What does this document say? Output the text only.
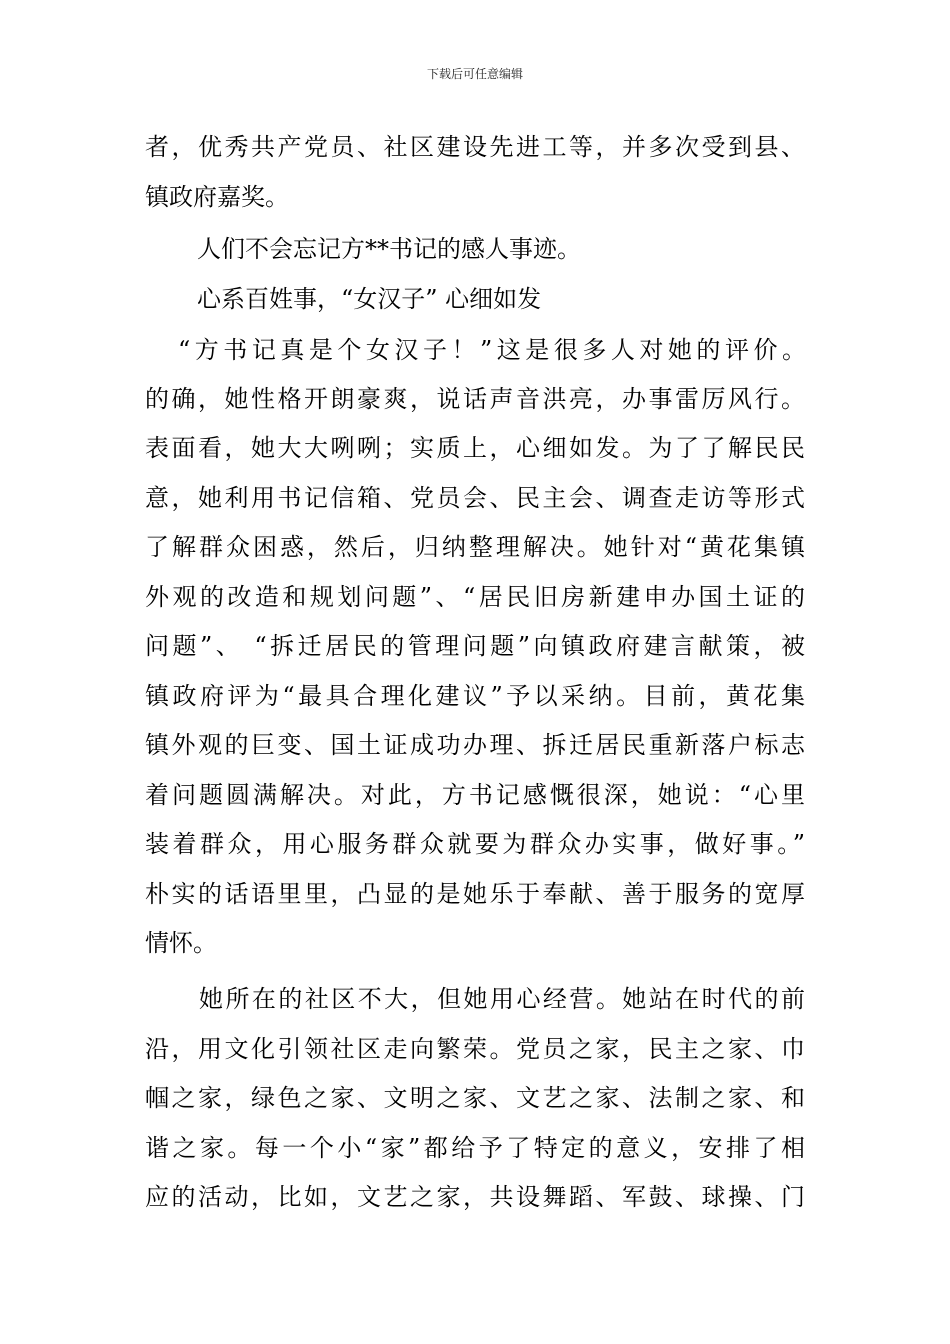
下载后可任意编辑
者，优秀共产党员、社区建设先进工等，并多次受到县、
镇政府嘉奖。
人们不会忘记方**书记的感人事迹。
心系百姓事，“女汉子” 心细如发
“方书记真是个女汉子！”这是很多人对她的评价。
的确，她性格开朗豪爽，说话声音洪亮，办事雷厉风行。
表面看，她大大咧咧；实质上，心细如发。为了了解民民
意，她利用书记信箱、党员会、民主会、调查走访等形式
了解群众困惑，然后，归纳整理解决。她针对“黄花集镇
外观的改造和规划问题”、“居民旧房新建申办国土证的
问题”、 “拆迁居民的管理问题”向镇政府建言献策，被
镇政府评为“最具合理化建议”予以采纳。目前，黄花集
镇外观的巨变、国土证成功办理、拆迁居民重新落户标志
着问题圆满解决。对此，方书记感慨很深，她说：“心里
装着群众，用心服务群众就要为群众办实事，做好事。”
朴实的话语里里，凸显的是她乐于奉献、善于服务的宽厚
情怀。
她所在的社区不大，但她用心经营。她站在时代的前
沿，用文化引领社区走向繁荣。党员之家，民主之家、巾
帼之家，绿色之家、文明之家、文艺之家、法制之家、和
谐之家。每一个小“家”都给予了特定的意义，安排了相
应的活动，比如，文艺之家，共设舞蹈、军鼓、球操、门
